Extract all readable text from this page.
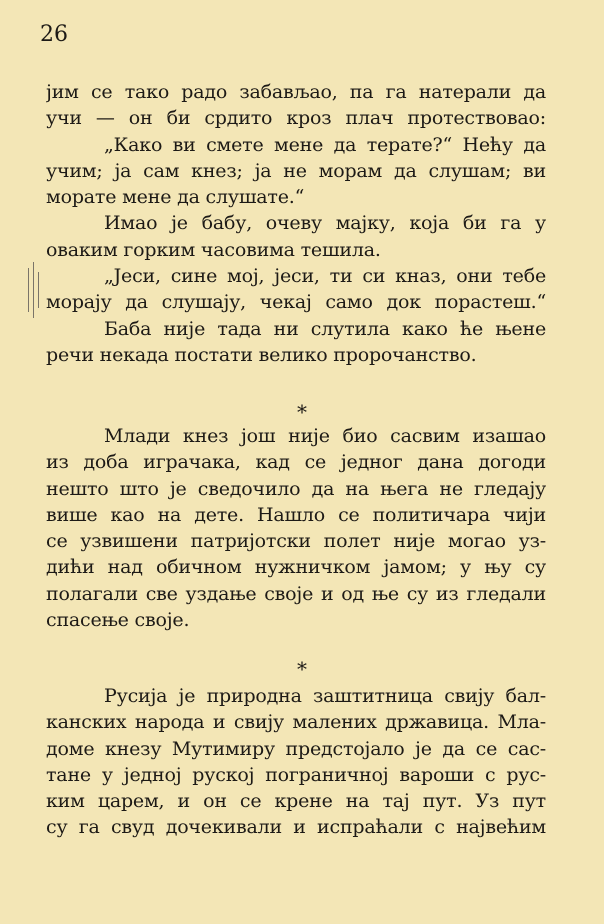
26
јим се тако радо забављао, па га натерали да
учи — он би срдито кроз плач протествовао:
„Како ви смете мене да терате?“ Нећу да
учим; ја сам кнез; ја не морам да слушам; ви
морате мене да слушате.“
Имао је бабу, очеву мајку, која би га у
оваким горким часовима тешила.
„Јеси, сине мој, јеси, ти си кназ, они тебе
морају да слушају, чекај само док порастеш.“
Баба није тада ни слутила како ће њене
речи некада постати велико пророчанство.
*
Млади кнез још није био сасвим изашао
из доба играчака, кад се једног дана догоди
нешто што је сведочило да на њега не гледају
више као на дете. Нашло се политичара чији
се узвишени патриjотски полет није могао уз-
дићи над обичном нужничком јамом; у њу су
полагали све уздање своје и од ње су из гледали
спасење своје.
*
Русија је природна заштитница свију бал-
канских народа и свију малених државица. Мла-
доме кнезу Мутимиру предстојало је да се сас-
тане у једној руској пограничној вароши с рус-
ким царем, и он се крене на тај пут. Уз пут
су га свуд дочекивали и испраћали с највећим
